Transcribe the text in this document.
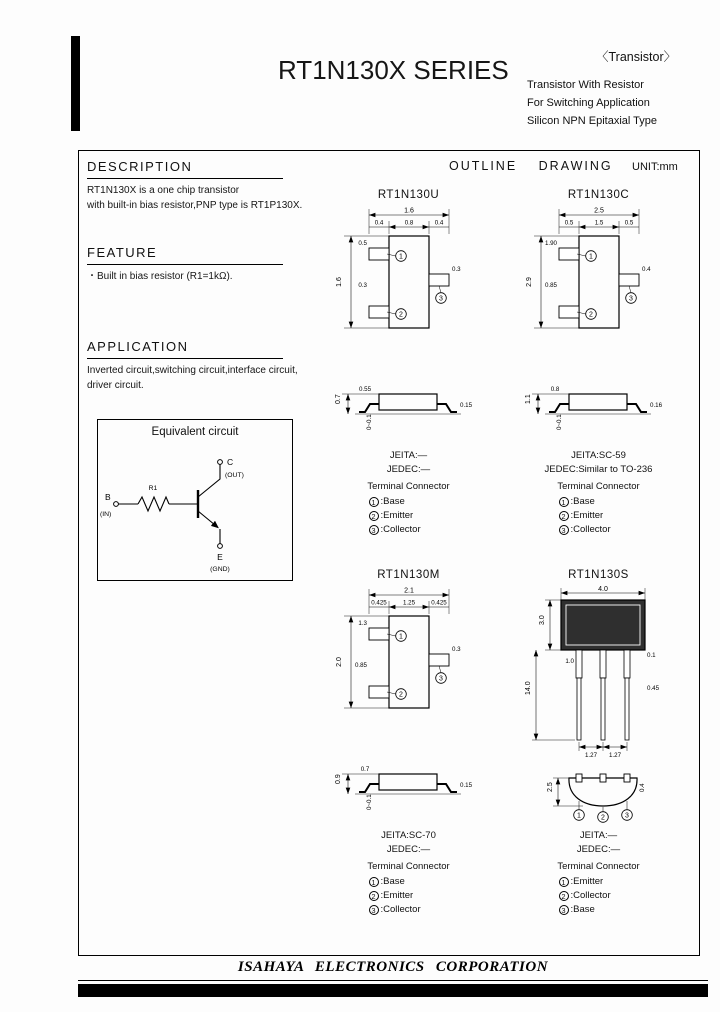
RT1N130X SERIES	〈Transistor〉
Transistor With Resistor
For Switching Application
Silicon NPN Epitaxial Type
DESCRIPTION
RT1N130X is a one chip transistor
with built-in bias resistor,PNP type is RT1P130X.
FEATURE
・Built in bias resistor (R1=1kΩ).
APPLICATION
Inverted circuit,switching circuit,interface circuit,
driver circuit.
Equivalent circuit
B
(IN)
R1
C
(OUT)
E
(GND)
OUTLINE DRAWING UNIT:mm
RT1N130U
1.6
0.4	0.8	0.4
1.6
0.5
0.3
0.3
1
2
3
0.7
0.55
0.15
0~0.1
JEITA:—
JEDEC:—
Terminal Connector
1 :Base
2 :Emitter
3 :Collector
RT1N130C
2.5
0.5	1.5	0.5
2.9
1.90
0.85
0.4
1
2
3
1.1
0.8
0.16
0~0.1
JEITA:SC-59
JEDEC:Similar to TO-236
Terminal Connector
1 :Base
2 :Emitter
3 :Collector
RT1N130M
2.1
0.425	1.25	0.425
2.0
1.3
0.85
0.3
1
2
3
0.9
0.7
0.15
0~0.1
JEITA:SC-70
JEDEC:—
Terminal Connector
1 :Base
2 :Emitter
3 :Collector
RT1N130S
4.0
3.0
14.0
1.0
0.1
0.45
1.27 1.27
2.5	0.4
1	2	3
JEITA:—
JEDEC:—
Terminal Connector
1 :Emitter
2 :Collector
3 :Base
ISAHAYA ELECTRONICS CORPORATION
